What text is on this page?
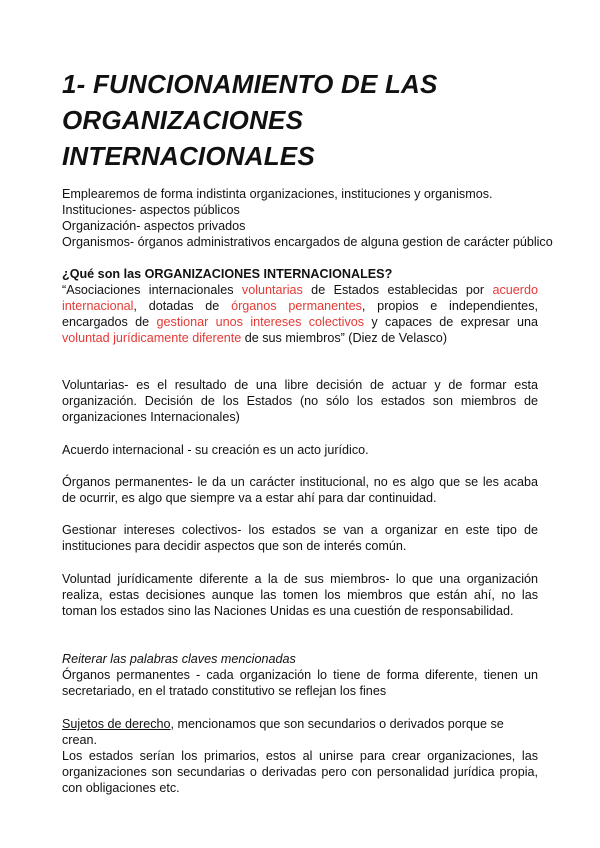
1- FUNCIONAMIENTO DE LAS
ORGANIZACIONES
INTERNACIONALES
Emplearemos de forma indistinta organizaciones, instituciones y organismos.
Instituciones- aspectos públicos
Organización- aspectos privados
Organismos- órganos administrativos encargados de alguna gestion de carácter público

¿Qué son las ORGANIZACIONES INTERNACIONALES?

“Asociaciones internacionales voluntarias de Estados establecidas por acuerdo internacional, dotadas de órganos permanentes, propios e independientes, encargados de gestionar unos intereses colectivos y capaces de expresar una voluntad jurídicamente diferente de sus miembros” (Diez de Velasco)

Voluntarias- es el resultado de una libre decisión de actuar y de formar esta organización. Decisión de los Estados (no sólo los estados son miembros de organizaciones Internacionales)

Acuerdo internacional - su creación es un acto jurídico.

Órganos permanentes- le da un carácter institucional, no es algo que se les acaba de ocurrir, es algo que siempre va a estar ahí para dar continuidad.

Gestionar intereses colectivos- los estados se van a organizar en este tipo de instituciones para decidir aspectos que son de interés común.

Voluntad jurídicamente diferente a la de sus miembros- lo que una organización realiza, estas decisiones aunque las tomen los miembros que están ahí, no las toman los estados sino las Naciones Unidas es una cuestión de responsabilidad.

Reiterar las palabras claves mencionadas

Órganos permanentes - cada organización lo tiene de forma diferente, tienen un secretariado, en el tratado constitutivo se reflejan los fines

Sujetos de derecho, mencionamos que son secundarios o derivados porque se crean.

Los estados serían los primarios, estos al unirse para crear organizaciones, las organizaciones son secundarias o derivadas pero con personalidad jurídica propia, con obligaciones etc.
